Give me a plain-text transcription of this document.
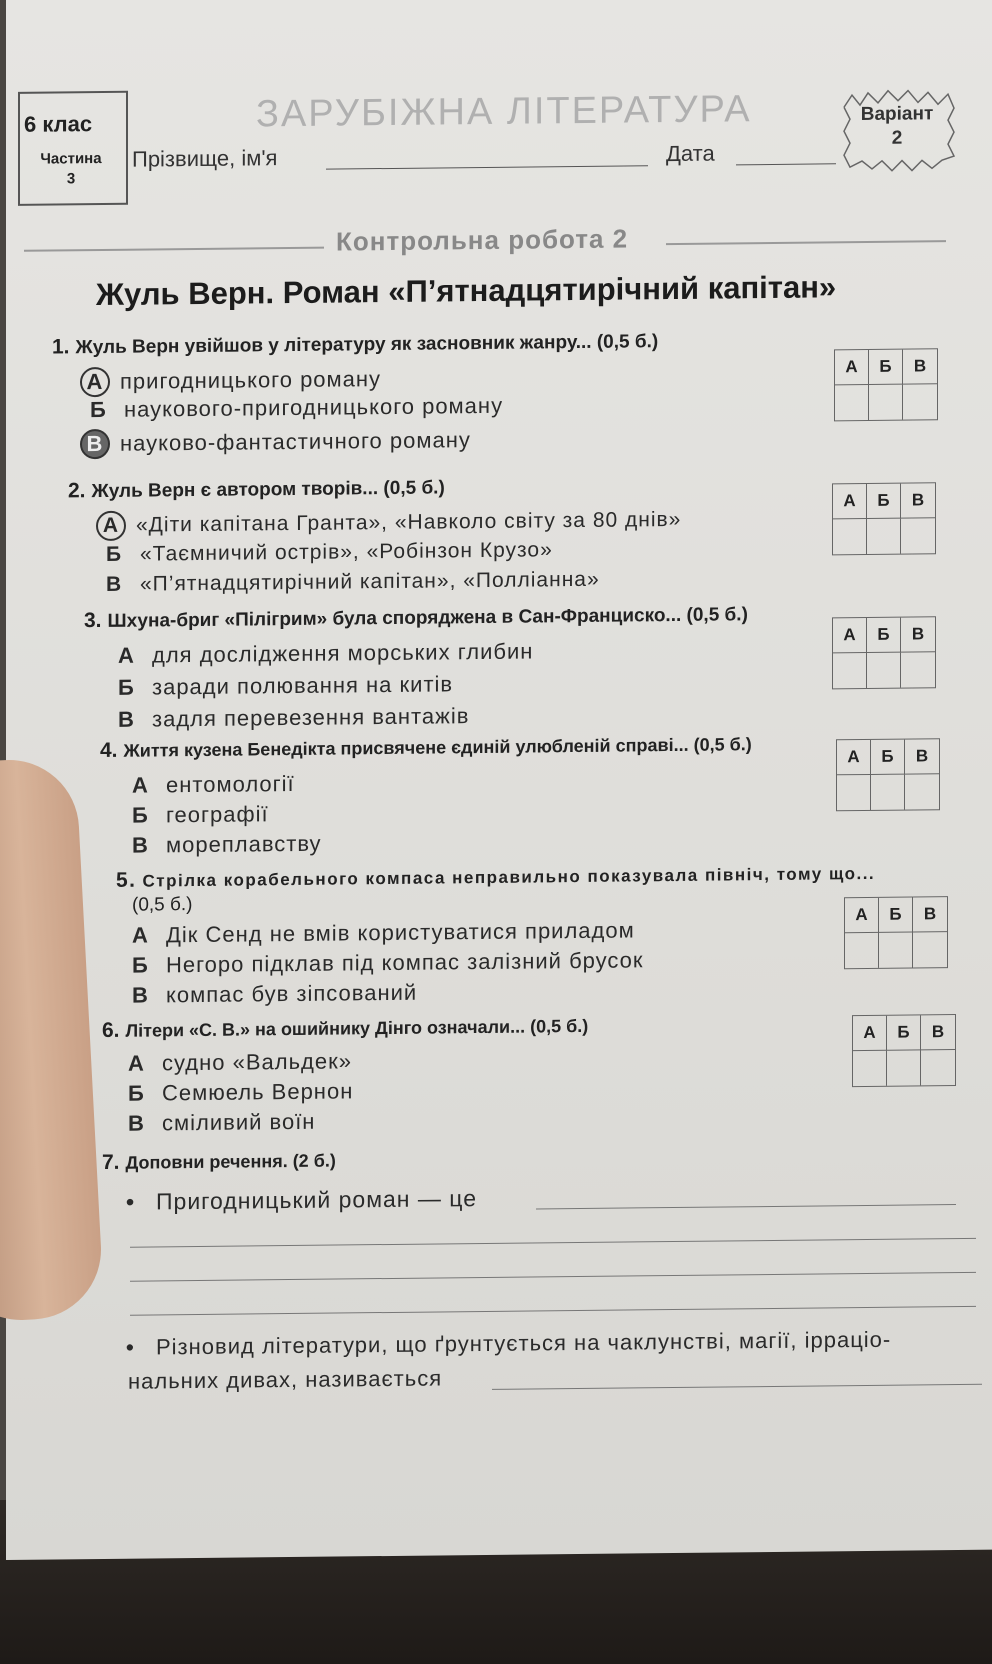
6 клас
Частина
3
ЗАРУБІЖНА ЛІТЕРАТУРА
Прізвище, ім'я	Дата
Варіант
2
Контрольна робота 2
Жуль Верн. Роман «П’ятнадцятирічний капітан»
1. Жуль Верн увійшов у літературу як засновник жанру... (0,5 б.)
А пригодницького роману
Б наукового-пригодницького роману
В науково-фантастичного роману
А	Б	В
2. Жуль Верн є автором творів... (0,5 б.)
А «Діти капітана Гранта», «Навколо світу за 80 днів»
Б «Таємничий острів», «Робінзон Крузо»
В «П’ятнадцятирічний капітан», «Полліанна»
А	Б	В
3. Шхуна-бриг «Пілігрим» була споряджена в Сан-Франциско... (0,5 б.)
А для дослідження морських глибин
Б заради полювання на китів
В задля перевезення вантажів
А	Б	В
4. Життя кузена Бенедікта присвячене єдиній улюбленій справі... (0,5 б.)
А ентомології
Б географії
В мореплавству
А	Б	В
5. Стрілка корабельного компаса неправильно показувала північ, тому що...
(0,5 б.)
А Дік Сенд не вмів користуватися приладом
Б Негоро підклав під компас залізний брусок
В компас був зіпсований
А	Б	В
6. Літери «С. В.» на ошийнику Дінго означали... (0,5 б.)
А судно «Вальдек»
Б Семюель Вернон
В сміливий воїн
А	Б	В
7. Доповни речення. (2 б.)
• Пригодницький роман — це
• Різновид літератури, що ґрунтується на чаклунстві, магії, ірраціо-
нальних дивах, називається
